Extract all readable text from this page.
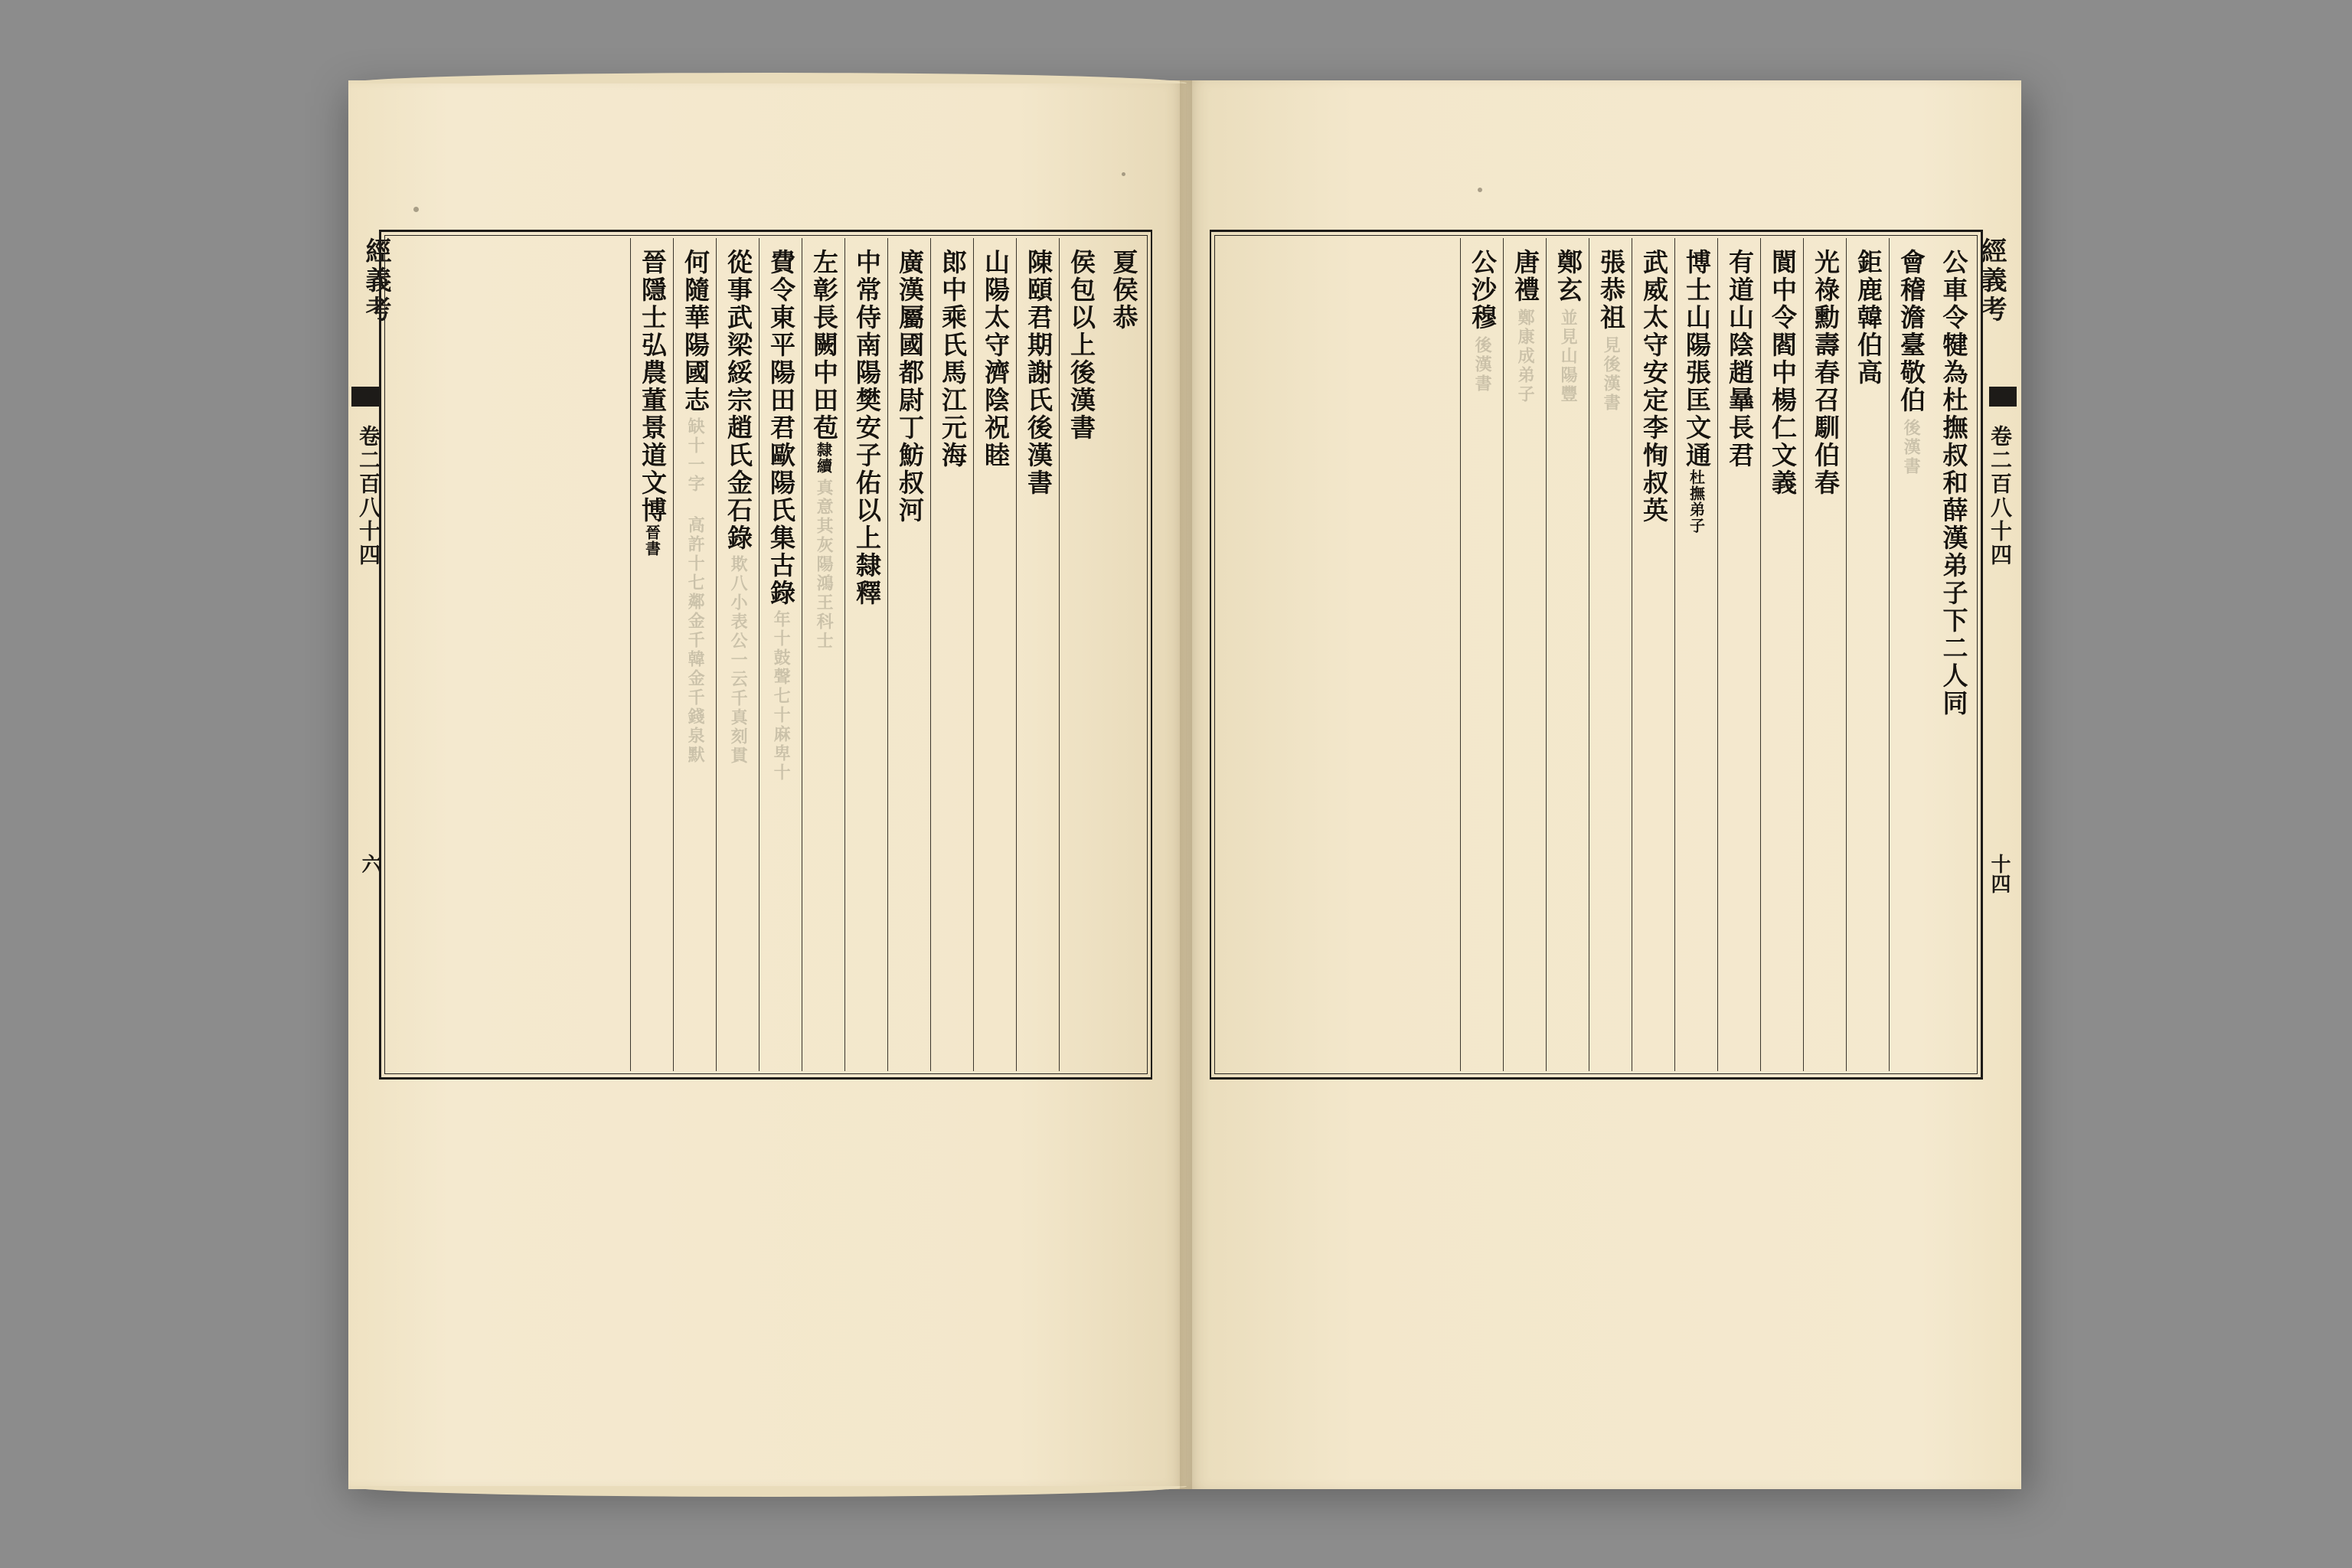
經義考
卷二百八十四
六
夏侯恭
侯包以上後漢書
陳頤君期謝氏後漢書
山陽太守濟陰祝睦
郎中乘氏馬江元海
廣漢屬國都尉丁魴叔河
中常侍南陽樊安子佑以上隸釋
左彰長闕中田苞
隸續
真意其灰陽鴻王科士
費令東平陽田君歐陽氏集古錄
年十鼓聲七十麻卑十
從事武梁綏宗趙氏金石錄
欺八小表公一云千真刻貫
何隨華陽國志
缺十一字 高許十七鄰金千韓金千錢泉默
晉隱士弘農董景道文博
晉書	公車令犍為杜撫叔和薛漢弟子下二人同
會稽澹臺敬伯
後漢書
鉅鹿韓伯高
光祿勳壽春召馴伯春
閬中令閻中楊仁文義
有道山陰趙曅長君
博士山陽張匡文通
杜撫弟子
武威太守安定李恂叔英
張恭祖
見後漢書
鄭玄
並見山陽豐
唐禮
鄭康成弟子
公沙穆
後漢書
經義考
卷二百八十四
十四
